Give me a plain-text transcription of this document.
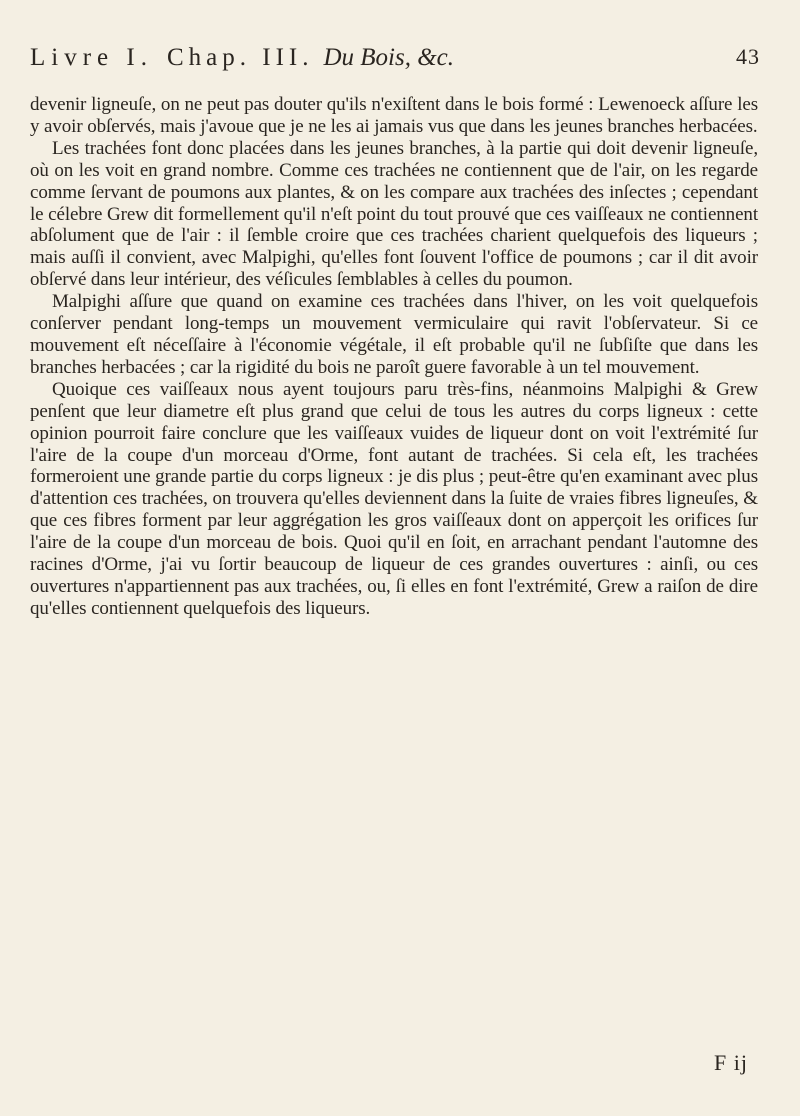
Livre I. Chap. III. Du Bois, &c.	43

devenir ligneuſe, on ne peut pas douter qu'ils n'exiſtent dans le bois formé : Lewenoeck aſſure les y avoir obſervés, mais j'avoue que je ne les ai jamais vus que dans les jeunes branches herbacées.

Les trachées font donc placées dans les jeunes branches, à la partie qui doit devenir ligneuſe, où on les voit en grand nombre. Comme ces trachées ne contiennent que de l'air, on les regarde comme ſervant de poumons aux plantes, & on les compare aux trachées des inſectes ; cependant le célebre Grew dit formellement qu'il n'eſt point du tout prouvé que ces vaiſſeaux ne contiennent abſolument que de l'air : il ſemble croire que ces trachées charient quelquefois des liqueurs ; mais auſſi il convient, avec Malpighi, qu'elles font ſouvent l'office de poumons ; car il dit avoir obſervé dans leur intérieur, des véſicules ſemblables à celles du poumon.

Malpighi aſſure que quand on examine ces trachées dans l'hiver, on les voit quelquefois conſerver pendant long-temps un mouvement vermiculaire qui ravit l'obſervateur. Si ce mouvement eſt néceſſaire à l'économie végétale, il eſt probable qu'il ne ſubſiſte que dans les branches herbacées ; car la rigidité du bois ne paroît guere favorable à un tel mouvement.

Quoique ces vaiſſeaux nous ayent toujours paru très-fins, néanmoins Malpighi & Grew penſent que leur diametre eſt plus grand que celui de tous les autres du corps ligneux : cette opinion pourroit faire conclure que les vaiſſeaux vuides de liqueur dont on voit l'extrémité ſur l'aire de la coupe d'un morceau d'Orme, font autant de trachées. Si cela eſt, les trachées formeroient une grande partie du corps ligneux : je dis plus ; peut-être qu'en examinant avec plus d'attention ces trachées, on trouvera qu'elles deviennent dans la ſuite de vraies fibres ligneuſes, & que ces fibres forment par leur aggrégation les gros vaiſſeaux dont on apperçoit les orifices ſur l'aire de la coupe d'un morceau de bois. Quoi qu'il en ſoit, en arrachant pendant l'automne des racines d'Orme, j'ai vu ſortir beaucoup de liqueur de ces grandes ouvertures : ainſi, ou ces ouvertures n'appartiennent pas aux trachées, ou, ſi elles en font l'extrémité, Grew a raiſon de dire qu'elles contiennent quelquefois des liqueurs.

F ij
